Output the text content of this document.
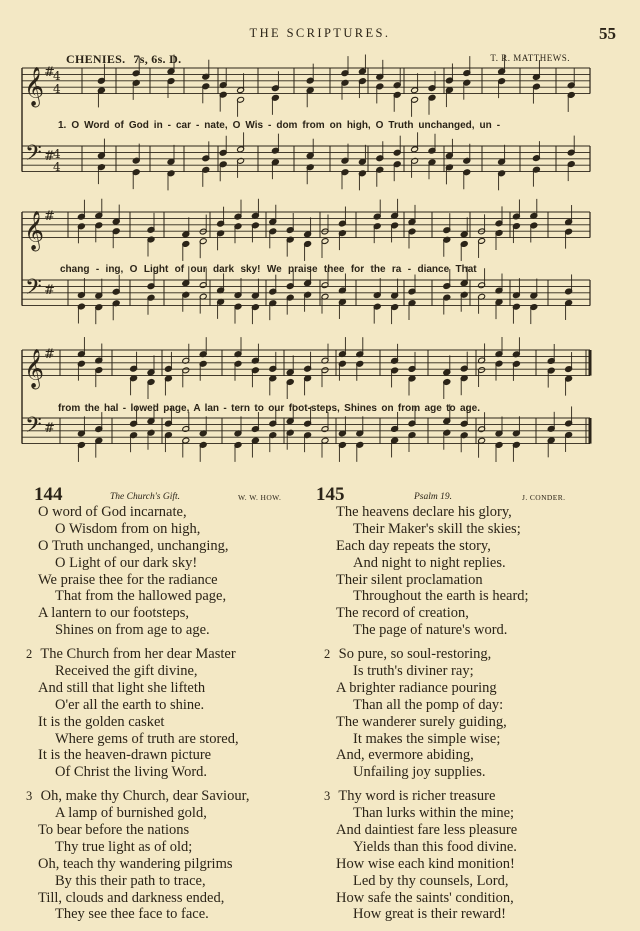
THE SCRIPTURES.	55
CHENIES. 7s, 6s. D.	T. R. MATTHEWS.
𝄞
𝄢
#
#
4
4
4
4
𝄞
𝄢
#
#
𝄞
𝄢
#
#
1. O Word of God in - car - nate, O Wis - dom from on high, O Truth unchanged, un -
chang - ing, O Light of our dark sky! We praise thee for the ra - diance That
from the hal - lowed page, A lan - tern to our foot-steps, Shines on from age to age.
144	The Church's Gift.	W. W. HOW. 145	Psalm 19.	J. CONDER.
O word of God incarnate,
O Wisdom from on high,
O Truth unchanged, unchanging,
O Light of our dark sky!
We praise thee for the radiance
That from the hallowed page,
A lantern to our footsteps,
Shines on from age to age.
2 The Church from her dear Master
Received the gift divine,
And still that light she lifteth
O'er all the earth to shine.
It is the golden casket
Where gems of truth are stored,
It is the heaven-drawn picture
Of Christ the living Word.
3 Oh, make thy Church, dear Saviour,
A lamp of burnished gold,
To bear before the nations
Thy true light as of old;
Oh, teach thy wandering pilgrims
By this their path to trace,
Till, clouds and darkness ended,
They see thee face to face.
The heavens declare his glory,
Their Maker's skill the skies;
Each day repeats the story,
And night to night replies.
Their silent proclamation
Throughout the earth is heard;
The record of creation,
The page of nature's word.
2 So pure, so soul-restoring,
Is truth's diviner ray;
A brighter radiance pouring
Than all the pomp of day:
The wanderer surely guiding,
It makes the simple wise;
And, evermore abiding,
Unfailing joy supplies.
3 Thy word is richer treasure
Than lurks within the mine;
And daintiest fare less pleasure
Yields than this food divine.
How wise each kind monition!
Led by thy counsels, Lord,
How safe the saints' condition,
How great is their reward!
